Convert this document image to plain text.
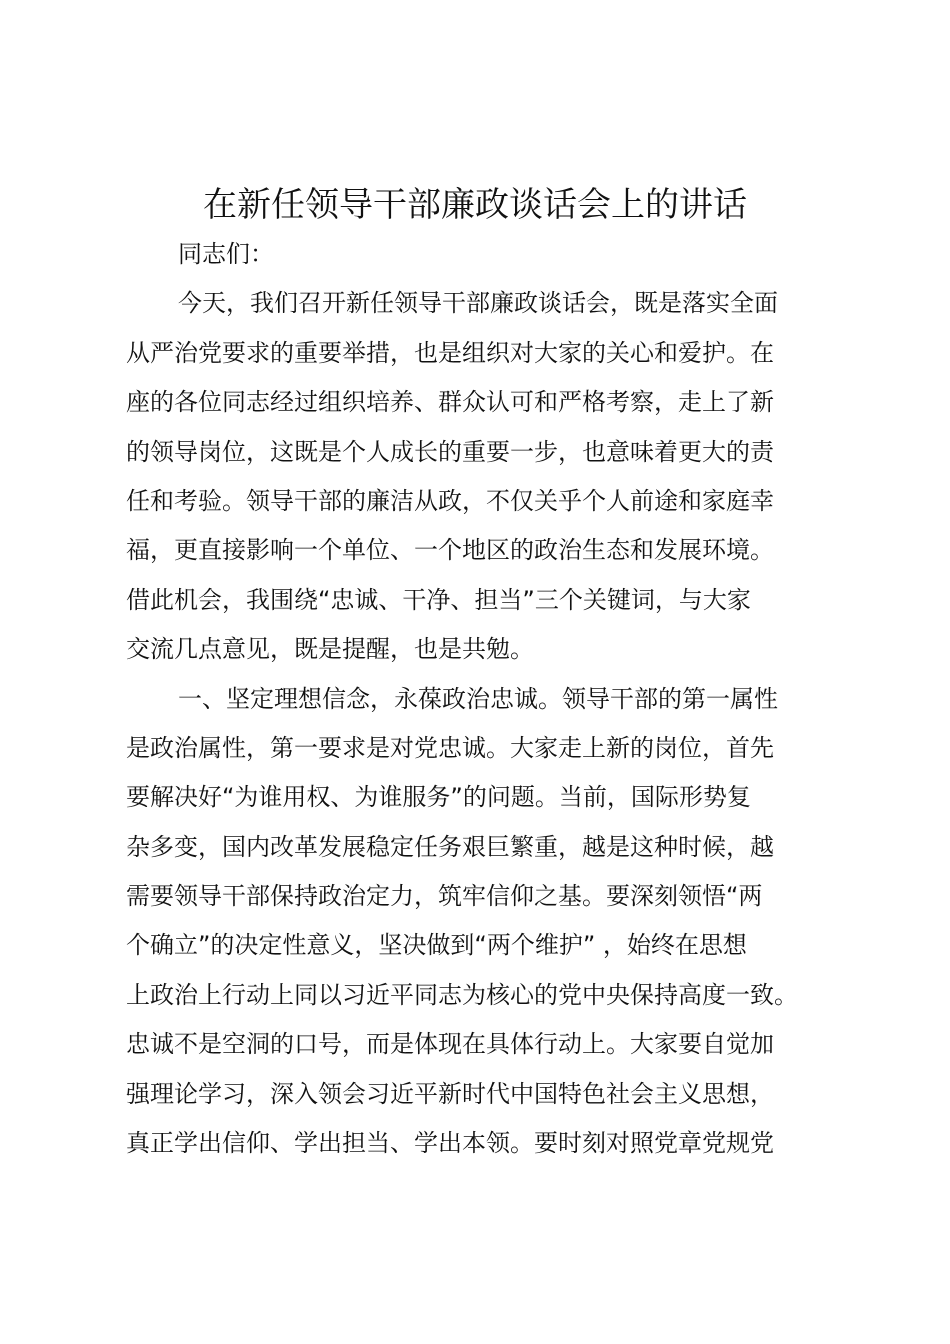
在新任领导干部廉政谈话会上的讲话
同志们：
今天，我们召开新任领导干部廉政谈话会，既是落实全面
从严治党要求的重要举措，也是组织对大家的关心和爱护。在
座的各位同志经过组织培养、群众认可和严格考察，走上了新
的领导岗位，这既是个人成长的重要一步，也意味着更大的责
任和考验。领导干部的廉洁从政，不仅关乎个人前途和家庭幸
福，更直接影响一个单位、一个地区的政治生态和发展环境。
借此机会，我围绕“忠诚、干净、担当”三个关键词，与大家
交流几点意见，既是提醒，也是共勉。
一、坚定理想信念，永葆政治忠诚。领导干部的第一属性
是政治属性，第一要求是对党忠诚。大家走上新的岗位，首先
要解决好“为谁用权、为谁服务”的问题。当前，国际形势复
杂多变，国内改革发展稳定任务艰巨繁重，越是这种时候，越
需要领导干部保持政治定力，筑牢信仰之基。要深刻领悟“两
个确立”的决定性意义，坚决做到“两个维护” ，始终在思想
上政治上行动上同以习近平同志为核心的党中央保持高度一致。
忠诚不是空洞的口号，而是体现在具体行动上。大家要自觉加
强理论学习，深入领会习近平新时代中国特色社会主义思想，
真正学出信仰、学出担当、学出本领。要时刻对照党章党规党
